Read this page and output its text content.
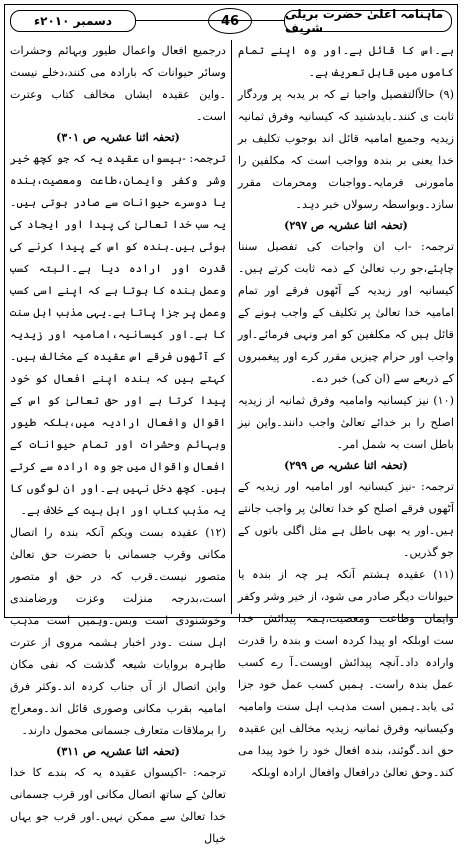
دسمبر ۲۰۱۰ء	46	ماہنامہ اعلیٰ حضرت بریلی شریف

ہے۔اس کا قائل ہے۔اور وہ اپنے تمام کاموں میں قابل تعریف ہے۔

(۹) حالاًالتفصیل واجبا تے کہ بر یدبہ پر وردگار ثابت ی کنند۔بایدشنید کہ کیسانیہ وفرق ثمانیہ زیدیہ وجمیع امامیہ قائل اند بوجوب تکلیف بر خدا یعنی بر بندہ وواجب است کہ مکلفین را مامورنی فرمایہ۔وواجبات ومحرمات مقرر سازد۔وبواسطہ رسولاں خبر دہد۔

(تحفہ اثنا عشریہ ص ۲۹۷)

ترجمہ: -اب ان واجبات کی تفصیل سننا چاہئے،جو رب تعالیٰ کے ذمہ ثابت کرتے ہیں۔کیسانیہ اور زیدیہ کے آٹھوں فرقے اور تمام امامیہ خدا تعالیٰ پر تکلیف کے واجب ہونے کے قائل ہیں کہ مکلفین کو امر ونہی فرمائے۔اور واجب اور حرام چیزیں مقرر کرے اور پیغمبروں کے ذریعے سے (ان کی) خبر دے۔

(۱۰) نیز کیسانیہ وامامیہ وفرق ثمانیہ از زیدیہ اصلح را بر خدائے تعالیٰ واجب دانند۔واین نیز باطل است بہ شمل امر۔

(تحفہ اثنا عشریہ ص ۲۹۹)

ترجمہ: -نیز کیسانیہ اور امامیہ اور زیدیہ کے آٹھوں فرقے اصلح کو خدا تعالیٰ پر واجب جانتے ہیں۔اور یہ بھی باطل ہے مثل اگلی باتوں کے جو گذریں۔

(۱۱) عقیدہ ہشتم آنکہ ہر چہ از بندہ یا حیوانات دیگر صادر می شود، از خیر وشر وکفر وایمان وطاعت ومعصیت،ہمہ پیدائش خدا ست اوبلکہ او پیدا کردہ است و بندہ را قدرت وارادہ داد۔آنچہ پیدائش اوپست۔آ رے کسب عمل بندہ راست۔ ہمیں کسب عمل خود جزا ئی یابد۔ہمیں است مذہب اہل سنت وامامیہ وکیسانیہ وفرق ثمانیہ زیدیہ مخالف این عقیدہ حق اند۔گوئند، بندہ افعال خود را خود پیدا می کند۔وحق تعالیٰ درافعال وافعال ارادہ اوبلکہ

درجمیع افعال واعمال طیور وبہائم وحشرات وسائر حیوانات کہ بارادہ می کنند،دخلے نیست ۔واین عقیدہ ایشاں مخالف کتاب وعترت است۔

(تحفہ اثنا عشریہ ص ۳۰۱)

ترجمہ: -بیسواں عقیدہ یہ کہ جو کچھ خیر وشر وکفر وایمان،طاعت ومعصیت،بندہ یا دوسرے حیوانات سے صادر ہوتی ہیں۔یہ سب خدا تعالیٰ کی پیدا اور ایجاد کی ہوئی ہیں۔بندہ کو اس کے پیدا کرنے کی قدرت اور ارادہ دیا ہے۔البتہ کسب وعمل بندہ کا ہوتا ہے کہ اپنے اسی کسب وعمل پر جزا پاتا ہے۔یہی مذہب اہل سنت کا ہے۔اور کیسانیہ،امامیہ اور زیدیہ کے آٹھوں فرقے اس عقیدہ کے مخالف ہیں۔کہتے ہیں کہ بندہ اپنے افعال کو خود پیدا کرتا ہے اور حق تعالیٰ کو اس کے اقوال وافعال ارادیہ میں،بلکہ طیور وبہائم وحشرات اور تمام حیوانات کے افعال واقوال میں جو وہ ارادہ سے کرتے ہیں۔ کچھ دخل نہیں ہے۔اور ان لوگوں کا یہ مذہب کتاب اور اہل بیت کے خلاف ہے۔

(۱۲) عقیدہ بست ویکم آنکہ بندہ را اتصال مکانی وقرب جسمانی با حضرت حق تعالیٰ متصور نیست۔قرب کہ در حق او متصور است،بدرجہ منزلت وعزت ورضامندی وخوشنودی است وبس۔وہمیں است مذہب اہل سنت ۔ودر اخبار ہشمہ مروی از عترت طاہرہ بروایات شیعہ گذشت کہ نفی مکان واین اتصال از آں جناب کردہ اند۔وکثر فرق امامیہ بقرب مکانی وصوری قائل اند۔ومعراج را برملاقات متعارف جسمانی محمول دارند۔

(تحفہ اثنا عشریہ ص ۳۱۱)

ترجمہ: -اکیسواں عقیدہ یہ کہ بندے کا خدا تعالیٰ کے ساتھ اتصال مکانی اور قرب جسمانی خدا تعالیٰ سے ممکن نہیں۔اور قرب جو یہاں خیال
